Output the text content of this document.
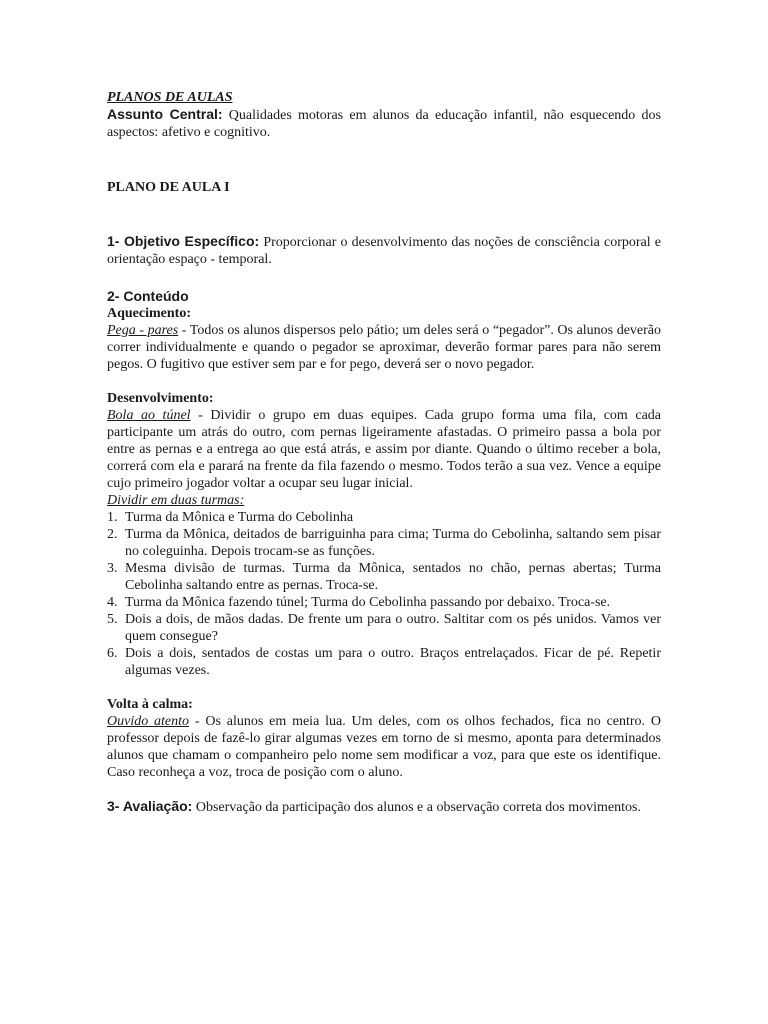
PLANOS DE AULAS

Assunto Central: Qualidades motoras em alunos da educação infantil, não esquecendo dos aspectos: afetivo e cognitivo.

PLANO DE AULA I

1- Objetivo Específico: Proporcionar o desenvolvimento das noções de consciência corporal e orientação espaço - temporal.

2- Conteúdo

Aquecimento:

Pega - pares - Todos os alunos dispersos pelo pátio; um deles será o “pegador”. Os alunos deverão correr individualmente e quando o pegador se aproximar, deverão formar pares para não serem pegos. O fugitivo que estiver sem par e for pego, deverá ser o novo pegador.

Desenvolvimento:

Bola ao túnel - Dividir o grupo em duas equipes. Cada grupo forma uma fila, com cada participante um atrás do outro, com pernas ligeiramente afastadas. O primeiro passa a bola por entre as pernas e a entrega ao que está atrás, e assim por diante. Quando o último receber a bola, correrá com ela e parará na frente da fila fazendo o mesmo. Todos terão a sua vez. Vence a equipe cujo primeiro jogador voltar a ocupar seu lugar inicial.

Dividir em duas turmas:

1. Turma da Mônica e Turma do Cebolinha
2. Turma da Mônica, deitados de barriguinha para cima; Turma do Cebolinha, saltando sem pisar no coleguinha. Depois trocam-se as funções.
3. Mesma divisão de turmas. Turma da Mônica, sentados no chão, pernas abertas; Turma Cebolinha saltando entre as pernas. Troca-se.
4. Turma da Mônica fazendo túnel; Turma do Cebolinha passando por debaixo. Troca-se.
5. Dois a dois, de mãos dadas. De frente um para o outro. Saltitar com os pés unidos. Vamos ver quem consegue?
6. Dois a dois, sentados de costas um para o outro. Braços entrelaçados. Ficar de pé. Repetir algumas vezes.

Volta à calma:

Ouvido atento - Os alunos em meia lua. Um deles, com os olhos fechados, fica no centro. O professor depois de fazê-lo girar algumas vezes em torno de si mesmo, aponta para determinados alunos que chamam o companheiro pelo nome sem modificar a voz, para que este os identifique. Caso reconheça a voz, troca de posição com o aluno.

3- Avaliação: Observação da participação dos alunos e a observação correta dos movimentos.
